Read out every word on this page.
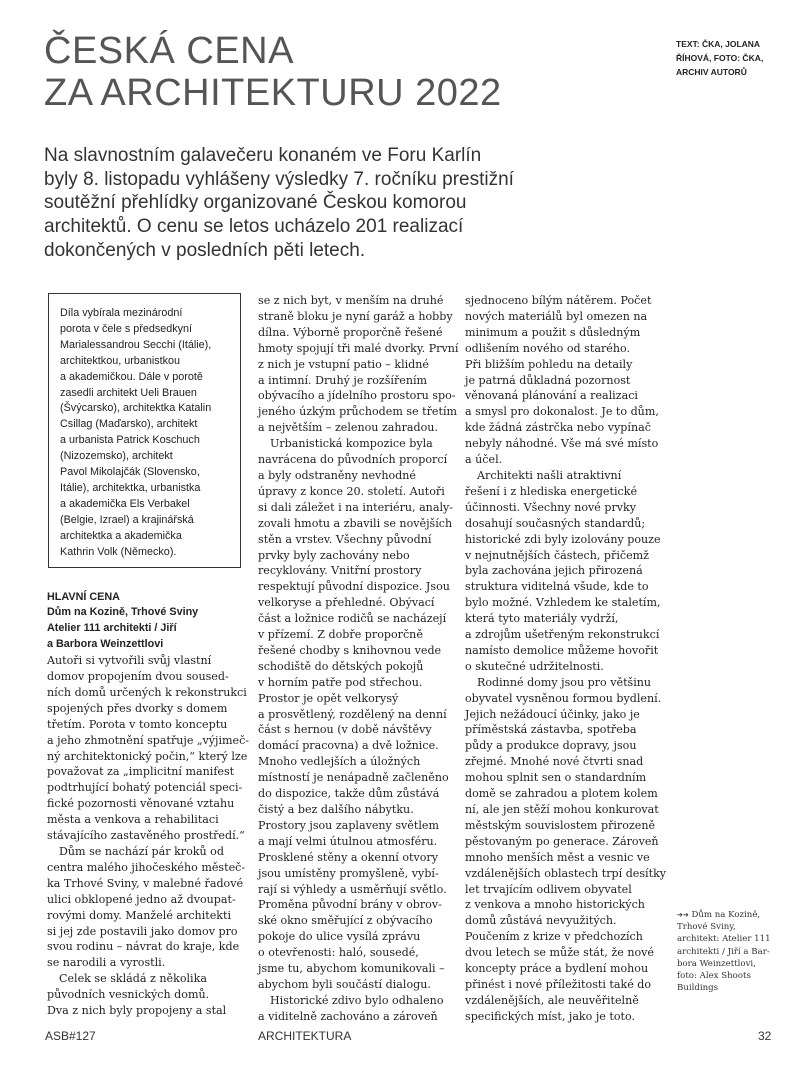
ČESKÁ CENA
ZA ARCHITEKTURU 2022
TEXT: ČKA, JOLANA
ŘÍHOVÁ, FOTO: ČKA,
ARCHIV AUTORŮ
Na slavnostním galavečeru konaném ve Foru Karlín
byly 8. listopadu vyhlášeny výsledky 7. ročníku prestižní
soutěžní přehlídky organizované Českou komorou
architektů. O cenu se letos ucházelo 201 realizací
dokončených v posledních pěti letech.
Díla vybírala mezinárodní
porota v čele s předsedkyní
Marialessandrou Secchi (Itálie),
architektkou, urbanistkou
a akademičkou. Dále v porotě
zasedli architekt Ueli Brauen
(Švýcarsko), architektka Katalin
Csillag (Maďarsko), architekt
a urbanista Patrick Koschuch
(Nizozemsko), architekt
Pavol Mikolajčák (Slovensko,
Itálie), architektka, urbanistka
a akademička Els Verbakel
(Belgie, Izrael) a krajinářská
architektka a akademička
Kathrin Volk (Německo).
HLAVNÍ CENA
Dům na Kozině, Trhové Sviny
Atelier 111 architekti / Jiří
a Barbora Weinzettlovi
Autoři si vytvořili svůj vlastní
domov propojením dvou soused-
ních domů určených k rekonstrukci
spojených přes dvorky s domem
třetím. Porota v tomto konceptu
a jeho zhmotnění spatřuje „výjimeč-
ný architektonický počin,“ který lze
považovat za „implicitní manifest
podtrhující bohatý potenciál speci-
fické pozornosti věnované vztahu
města a venkova a rehabilitaci
stávajícího zastavěného prostředí.“
Dům se nachází pár kroků od
centra malého jihočeského městeč-
ka Trhové Sviny, v malebné řadové
ulici obklopené jedno až dvoupat-
rovými domy. Manželé architekti
si jej zde postavili jako domov pro
svou rodinu – návrat do kraje, kde
se narodili a vyrostli.
Celek se skládá z několika
původních vesnických domů.
Dva z nich byly propojeny a stal
se z nich byt, v menším na druhé
straně bloku je nyní garáž a hobby
dílna. Výborně proporčně řešené
hmoty spojují tři malé dvorky. První
z nich je vstupní patio – klidné
a intimní. Druhý je rozšířením
obývacího a jídelního prostoru spo-
jeného úzkým průchodem se třetím
a největším – zelenou zahradou.
Urbanistická kompozice byla
navrácena do původních proporcí
a byly odstraněny nevhodné
úpravy z konce 20. století. Autoři
si dali záležet i na interiéru, analy-
zovali hmotu a zbavili se novějších
stěn a vrstev. Všechny původní
prvky byly zachovány nebo
recyklovány. Vnitřní prostory
respektují původní dispozice. Jsou
velkoryse a přehledné. Obývací
část a ložnice rodičů se nacházejí
v přízemí. Z dobře proporčně
řešené chodby s knihovnou vede
schodiště do dětských pokojů
v horním patře pod střechou.
Prostor je opět velkorysý
a prosvětlený, rozdělený na denní
část s hernou (v době návštěvy
domácí pracovna) a dvě ložnice.
Mnoho vedlejších a úložných
místností je nenápadně začleněno
do dispozice, takže dům zůstává
čistý a bez dalšího nábytku.
Prostory jsou zaplaveny světlem
a mají velmi útulnou atmosféru.
Prosklené stěny a okenní otvory
jsou umístěny promyšleně, vybí-
rají si výhledy a usměrňují světlo.
Proměna původní brány v obrov-
ské okno směřující z obývacího
pokoje do ulice vysílá zprávu
o otevřenosti: haló, sousedé,
jsme tu, abychom komunikovali –
abychom byli součástí dialogu.
Historické zdivo bylo odhaleno
a viditelně zachováno a zároveň
sjednoceno bílým nátěrem. Počet
nových materiálů byl omezen na
minimum a použit s důsledným
odlišením nového od starého.
Při bližším pohledu na detaily
je patrná důkladná pozornost
věnovaná plánování a realizaci
a smysl pro dokonalost. Je to dům,
kde žádná zástrčka nebo vypínač
nebyly náhodné. Vše má své místo
a účel.
Architekti našli atraktivní
řešení i z hlediska energetické
účinnosti. Všechny nové prvky
dosahují současných standardů;
historické zdi byly izolovány pouze
v nejnutnějších částech, přičemž
byla zachována jejich přirozená
struktura viditelná všude, kde to
bylo možné. Vzhledem ke staletím,
která tyto materiály vydrží,
a zdrojům ušetřeným rekonstrukcí
namísto demolice můžeme hovořit
o skutečné udržitelnosti.
Rodinné domy jsou pro většinu
obyvatel vysněnou formou bydlení.
Jejich nežádoucí účinky, jako je
příměstská zástavba, spotřeba
půdy a produkce dopravy, jsou
zřejmé. Mnohé nové čtvrti snad
mohou splnit sen o standardním
domě se zahradou a plotem kolem
ní, ale jen stěží mohou konkurovat
městským souvislostem přirozeně
pěstovaným po generace. Zároveň
mnoho menších měst a vesnic ve
vzdálenějších oblastech trpí desítky
let trvajícím odlivem obyvatel
z venkova a mnoho historických
domů zůstává nevyužitých.
Poučením z krize v předchozích
dvou letech se může stát, že nové
koncepty práce a bydlení mohou
přinést i nové příležitosti také do
vzdálenějších, ale neuvěřitelně
specifických míst, jako je toto.
➔➔ Dům na Kozině,
Trhové Sviny,
architekt: Atelier 111
architekti / Jiří a Bar-
bora Weinzettlovi,
foto: Alex Shoots
Buildings
ASB#127	ARCHITEKTURA	32
